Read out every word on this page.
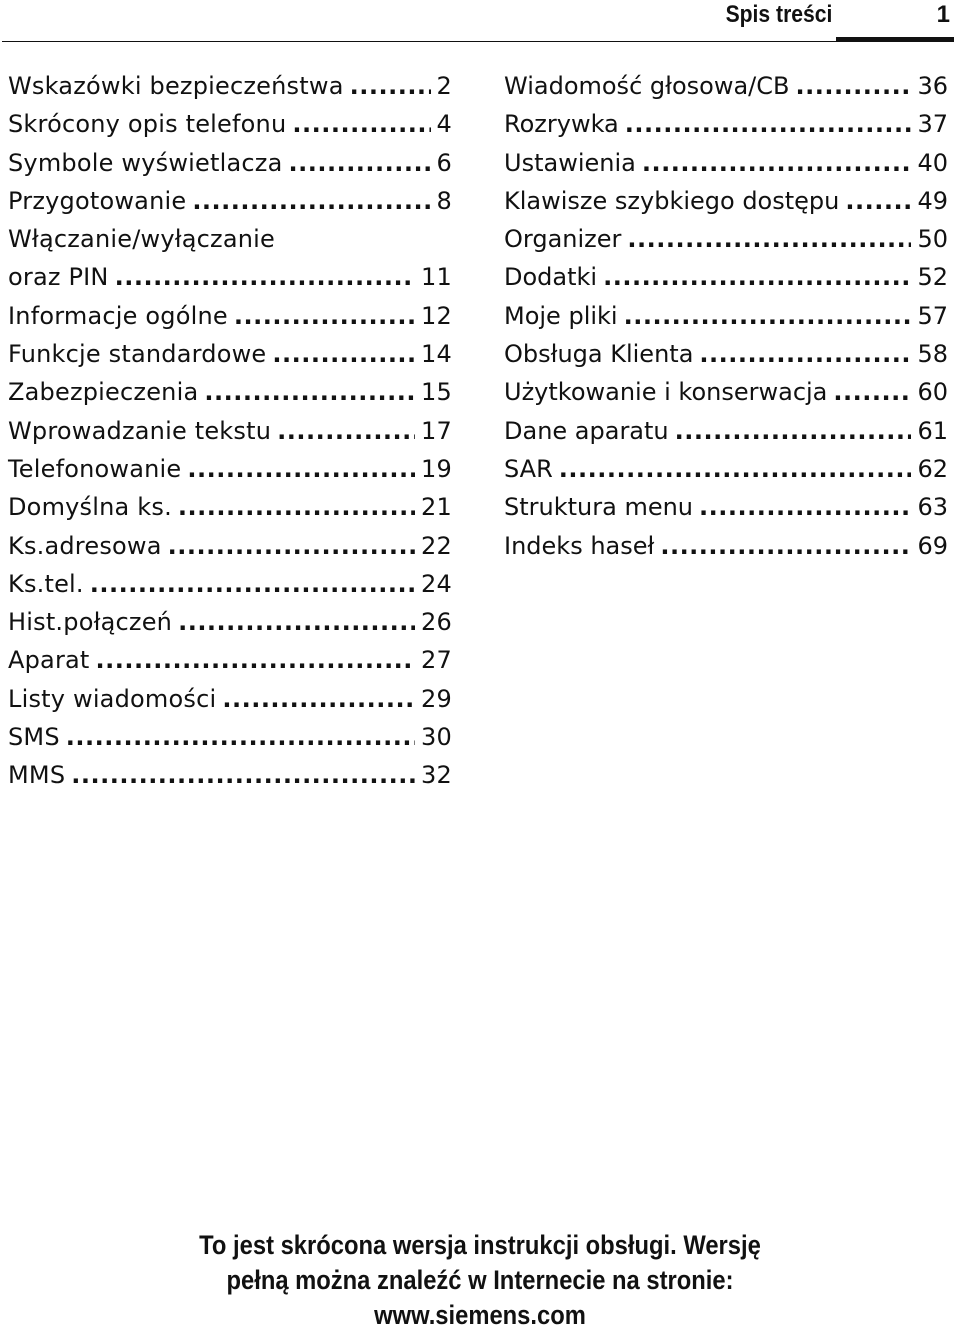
Spis treści	1
Wskazówki bezpieczeństwa .....	2
Skrócony opis telefonu .....	4
Symbole wyświetlacza .....	6
Przygotowanie .....	8
Włączanie/wyłączanie
oraz PIN .....	11
Informacje ogólne .....	12
Funkcje standardowe .....	14
Zabezpieczenia .....	15
Wprowadzanie tekstu .....	17
Telefonowanie .....	19
Domyślna ks. .....	21
Ks.adresowa .....	22
Ks.tel. .....	24
Hist.połączeń .....	26
Aparat .....	27
Listy wiadomości .....	29
SMS .....	30
MMS .....	32
Wiadomość głosowa/CB .....	36
Rozrywka .....	37
Ustawienia .....	40
Klawisze szybkiego dostępu .....	49
Organizer .....	50
Dodatki .....	52
Moje pliki .....	57
Obsługa Klienta .....	58
Użytkowanie i konserwacja .....	60
Dane aparatu .....	61
SAR .....	62
Struktura menu .....	63
Indeks haseł .....	69
To jest skrócona wersja instrukcji obsługi. Wersję
pełną można znaleźć w Internecie na stronie:
www.siemens.com
